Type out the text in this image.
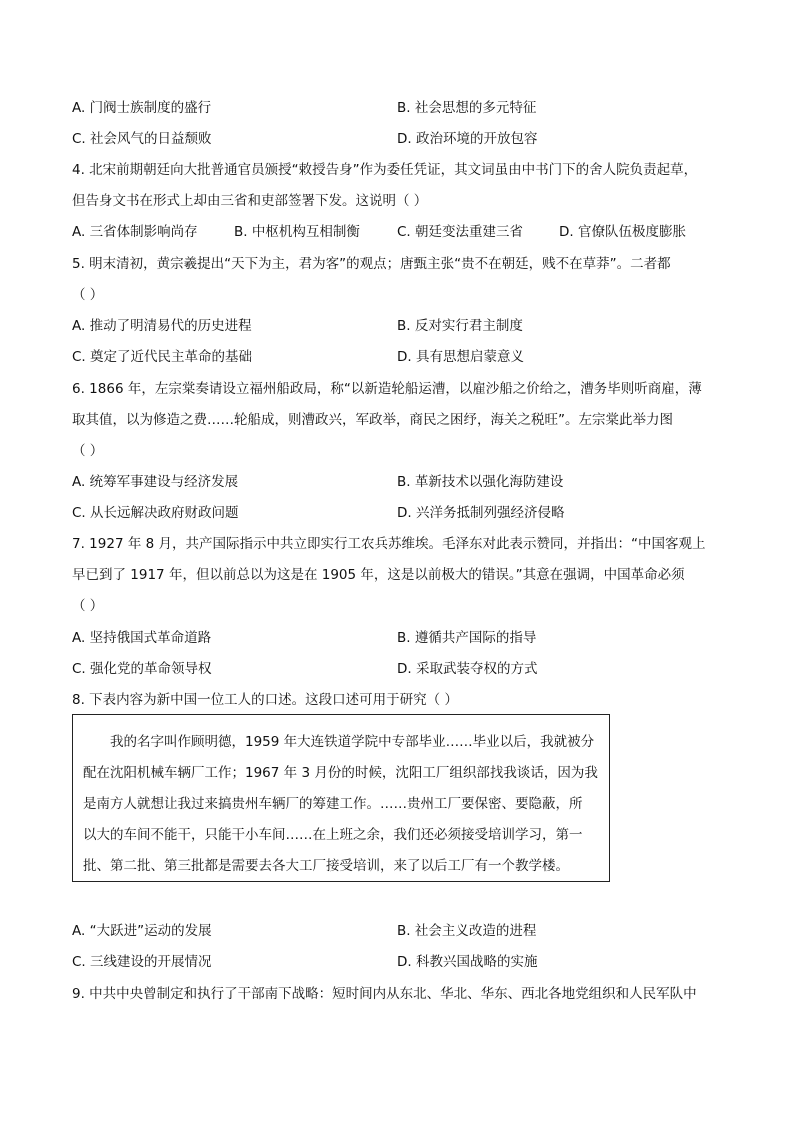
A. 门阀士族制度的盛行	B. 社会思想的多元特征
C. 社会风气的日益颓败	D. 政治环境的开放包容
4. 北宋前期朝廷向大批普通官员颁授“敕授告身”作为委任凭证，其文词虽由中书门下的舍人院负责起草，
但告身文书在形式上却由三省和吏部签署下发。这说明（ ）
A. 三省体制影响尚存	B. 中枢机构互相制衡	C. 朝廷变法重建三省	D. 官僚队伍极度膨胀
5. 明末清初，黄宗羲提出“天下为主，君为客”的观点；唐甄主张“贵不在朝廷，贱不在草莽”。二者都
（ ）
A. 推动了明清易代的历史进程	B. 反对实行君主制度
C. 奠定了近代民主革命的基础	D. 具有思想启蒙意义
6. 1866 年，左宗棠奏请设立福州船政局，称“以新造轮船运漕，以雇沙船之价给之，漕务毕则听商雇，薄
取其值，以为修造之费……轮船成，则漕政兴，军政举，商民之困纾，海关之税旺”。左宗棠此举力图
（ ）
A. 统筹军事建设与经济发展	B. 革新技术以强化海防建设
C. 从长远解决政府财政问题	D. 兴洋务抵制列强经济侵略
7. 1927 年 8 月，共产国际指示中共立即实行工农兵苏维埃。毛泽东对此表示赞同，并指出：“中国客观上
早已到了 1917 年，但以前总以为这是在 1905 年，这是以前极大的错误。”其意在强调，中国革命必须
（ ）
A. 坚持俄国式革命道路	B. 遵循共产国际的指导
C. 强化党的革命领导权	D. 采取武装夺权的方式
8. 下表内容为新中国一位工人的口述。这段口述可用于研究（ ）

我的名字叫作顾明德，1959 年大连铁道学院中专部毕业……毕业以后，我就被分

配在沈阳机械车辆厂工作；1967 年 3 月份的时候，沈阳工厂组织部找我谈话，因为我

是南方人就想让我过来搞贵州车辆厂的筹建工作。……贵州工厂要保密、要隐蔽，所

以大的车间不能干，只能干小车间……在上班之余，我们还必须接受培训学习，第一

批、第二批、第三批都是需要去各大工厂接受培训，来了以后工厂有一个教学楼。

A. “大跃进”运动的发展	B. 社会主义改造的进程
C. 三线建设的开展情况	D. 科教兴国战略的实施
9. 中共中央曾制定和执行了干部南下战略：短时间内从东北、华北、华东、西北各地党组织和人民军队中
